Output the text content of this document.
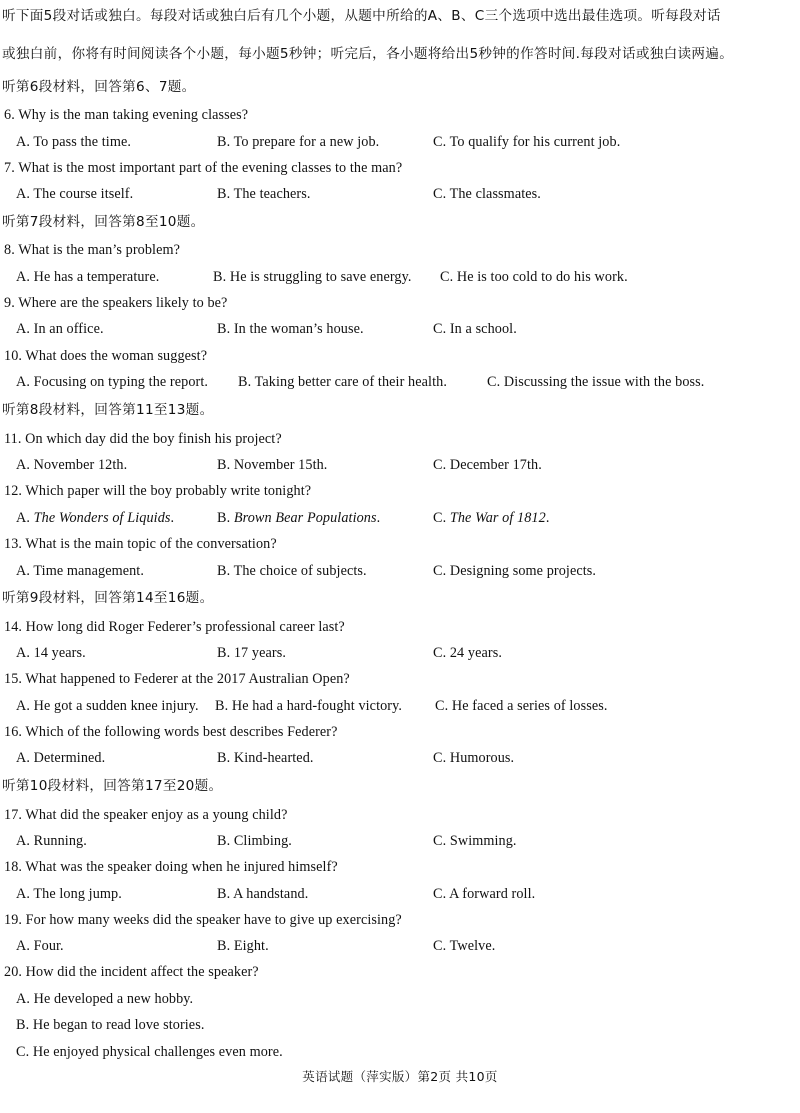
听下面5段对话或独白。每段对话或独白后有几个小题，从题中所给的A、B、C三个选项中选出最佳选项。听每段对话
或独白前，你将有时间阅读各个小题，每小题5秒钟；听完后，各小题将给出5秒钟的作答时间.每段对话或独白读两遍。
听第6段材料，回答第6、7题。
6. Why is the man taking evening classes?
A. To pass the time.	B. To prepare for a new job.	C. To qualify for his current job.
7. What is the most important part of the evening classes to the man?
A. The course itself.	B. The teachers.	C. The classmates.
听第7段材料，回答第8至10题。
8. What is the man’s problem?
A. He has a temperature.	B. He is struggling to save energy. C. He is too cold to do his work.
9. Where are the speakers likely to be?
A. In an office.	B. In the woman’s house.	C. In a school.
10. What does the woman suggest?
A. Focusing on typing the report. B. Taking better care of their health.	C. Discussing the issue with the boss.
听第8段材料，回答第11至13题。
11. On which day did the boy finish his project?
A. November 12th.	B. November 15th.	C. December 17th.
12. Which paper will the boy probably write tonight?
A. The Wonders of Liquids.	B. Brown Bear Populations.	C. The War of 1812.
13. What is the main topic of the conversation?
A. Time management.	B. The choice of subjects.	C. Designing some projects.
听第9段材料，回答第14至16题。
14. How long did Roger Federer’s professional career last?
A. 14 years.	B. 17 years.	C. 24 years.
15. What happened to Federer at the 2017 Australian Open?
A. He got a sudden knee injury. B. He had a hard-fought victory. C. He faced a series of losses.
16. Which of the following words best describes Federer?
A. Determined.	B. Kind-hearted.	C. Humorous.
听第10段材料，回答第17至20题。
17. What did the speaker enjoy as a young child?
A. Running.	B. Climbing.	C. Swimming.
18. What was the speaker doing when he injured himself?
A. The long jump.	B. A handstand.	C. A forward roll.
19. For how many weeks did the speaker have to give up exercising?
A. Four.	B. Eight.	C. Twelve.
20. How did the incident affect the speaker?
A. He developed a new hobby.
B. He began to read love stories.
C. He enjoyed physical challenges even more.
英语试题（萍实版）第2页 共10页
